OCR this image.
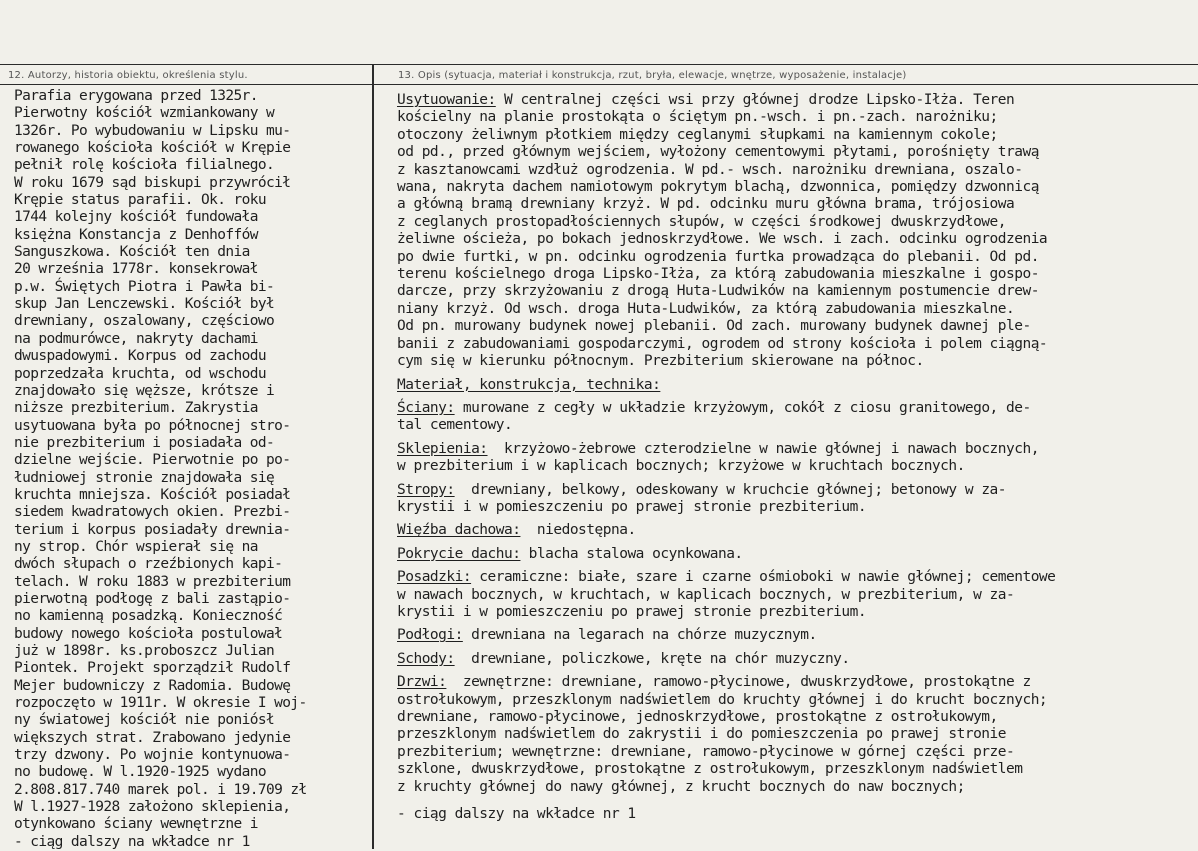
12. Autorzy, historia obiektu, określenia stylu.	13. Opis (sytuacja, materiał i konstrukcja, rzut, bryła, elewacje, wnętrze, wyposażenie, instalacje)
Parafia erygowana przed 1325r.
Pierwotny kościół wzmiankowany w
1326r. Po wybudowaniu w Lipsku mu-
rowanego kościoła kościół w Krępie
pełnił rolę kościoła filialnego.
W roku 1679 sąd biskupi przywrócił
Krępie status parafii. Ok. roku
1744 kolejny kościół fundowała
księżna Konstancja z Denhoffów
Sanguszkowa. Kościół ten dnia
20 września 1778r. konsekrował
p.w. Świętych Piotra i Pawła bi-
skup Jan Lenczewski. Kościół był
drewniany, oszalowany, częściowo
na podmurówce, nakryty dachami
dwuspadowymi. Korpus od zachodu
poprzedzała kruchta, od wschodu
znajdowało się węższe, krótsze i
niższe prezbiterium. Zakrystia
usytuowana była po północnej stro-
nie prezbiterium i posiadała od-
dzielne wejście. Pierwotnie po po-
łudniowej stronie znajdowała się
kruchta mniejsza. Kościół posiadał
siedem kwadratowych okien. Prezbi-
terium i korpus posiadały drewnia-
ny strop. Chór wspierał się na
dwóch słupach o rzeźbionych kapi-
telach. W roku 1883 w prezbiterium
pierwotną podłogę z bali zastąpio-
no kamienną posadzką. Konieczność
budowy nowego kościoła postulował
już w 1898r. ks.proboszcz Julian
Piontek. Projekt sporządził Rudolf
Mejer budowniczy z Radomia. Budowę
rozpoczęto w 1911r. W okresie I woj-
ny światowej kościół nie poniósł
większych strat. Zrabowano jedynie
trzy dzwony. Po wojnie kontynuowa-
no budowę. W l.1920-1925 wydano
2.808.817.740 marek pol. i 19.709 zł
W l.1927-1928 założono sklepienia,
otynkowano ściany wewnętrzne i
- ciąg dalszy na wkładce nr 1
Usytuowanie: W centralnej części wsi przy głównej drodze Lipsko-Iłża. Teren
kościelny na planie prostokąta o ściętym pn.-wsch. i pn.-zach. narożniku;
otoczony żeliwnym płotkiem między ceglanymi słupkami na kamiennym cokole;
od pd., przed głównym wejściem, wyłożony cementowymi płytami, porośnięty trawą
z kasztanowcami wzdłuż ogrodzenia. W pd.- wsch. narożniku drewniana, oszalo-
wana, nakryta dachem namiotowym pokrytym blachą, dzwonnica, pomiędzy dzwonnicą
a główną bramą drewniany krzyż. W pd. odcinku muru główna brama, trójosiowa
z ceglanych prostopadłościennych słupów, w części środkowej dwuskrzydłowe,
żeliwne ościeża, po bokach jednoskrzydłowe. We wsch. i zach. odcinku ogrodzenia
po dwie furtki, w pn. odcinku ogrodzenia furtka prowadząca do plebanii. Od pd.
terenu kościelnego droga Lipsko-Iłża, za którą zabudowania mieszkalne i gospo-
darcze, przy skrzyżowaniu z drogą Huta-Ludwików na kamiennym postumencie drew-
niany krzyż. Od wsch. droga Huta-Ludwików, za którą zabudowania mieszkalne.
Od pn. murowany budynek nowej plebanii. Od zach. murowany budynek dawnej ple-
banii z zabudowaniami gospodarczymi, ogrodem od strony kościoła i polem ciągną-
cym się w kierunku północnym. Prezbiterium skierowane na północ.
Materiał, konstrukcja, technika:
Ściany: murowane z cegły w układzie krzyżowym, cokół z ciosu granitowego, de-
tal cementowy.
Sklepienia:  krzyżowo-żebrowe czterodzielne w nawie głównej i nawach bocznych,
w prezbiterium i w kaplicach bocznych; krzyżowe w kruchtach bocznych.
Stropy:  drewniany, belkowy, odeskowany w kruchcie głównej; betonowy w za-
krystii i w pomieszczeniu po prawej stronie prezbiterium.
Więźba dachowa:  niedostępna.
Pokrycie dachu: blacha stalowa ocynkowana.
Posadzki: ceramiczne: białe, szare i czarne ośmioboki w nawie głównej; cementowe
w nawach bocznych, w kruchtach, w kaplicach bocznych, w prezbiterium, w za-
krystii i w pomieszczeniu po prawej stronie prezbiterium.
Podłogi: drewniana na legarach na chórze muzycznym.
Schody:  drewniane, policzkowe, kręte na chór muzyczny.
Drzwi:  zewnętrzne: drewniane, ramowo-płycinowe, dwuskrzydłowe, prostokątne z
ostrołukowym, przeszklonym nadświetlem do kruchty głównej i do krucht bocznych;
drewniane, ramowo-płycinowe, jednoskrzydłowe, prostokątne z ostrołukowym,
przeszklonym nadświetlem do zakrystii i do pomieszczenia po prawej stronie
prezbiterium; wewnętrzne: drewniane, ramowo-płycinowe w górnej części prze-
szklone, dwuskrzydłowe, prostokątne z ostrołukowym, przeszklonym nadświetlem
z kruchty głównej do nawy głównej, z krucht bocznych do naw bocznych;
- ciąg dalszy na wkładce nr 1
